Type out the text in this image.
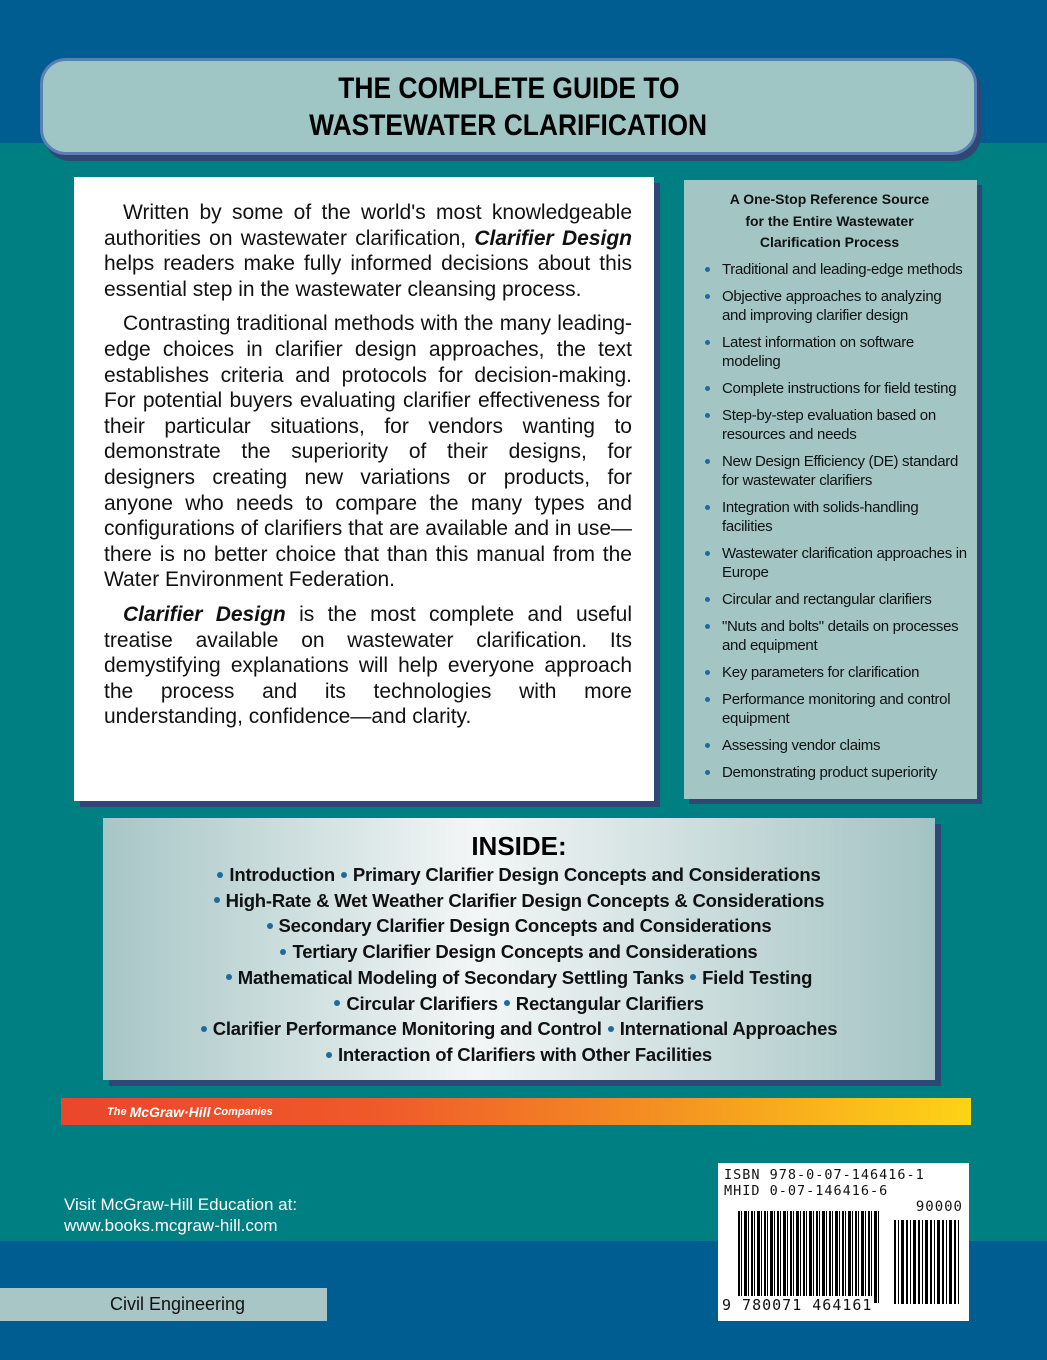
THE COMPLETE GUIDE TO
WASTEWATER CLARIFICATION

Written by some of the world's most knowledgeable authorities on wastewater clarification, Clarifier Design helps readers make fully informed decisions about this essential step in the wastewater cleansing process.

Contrasting traditional methods with the many leading-edge choices in clarifier design approaches, the text establishes criteria and protocols for decision-making. For potential buyers evaluating clarifier effectiveness for their particular situations, for vendors wanting to demonstrate the superiority of their designs, for designers creating new variations or products, for anyone who needs to compare the many types and configurations of clarifiers that are available and in use—there is no better choice that than this manual from the Water Environment Federation.

Clarifier Design is the most complete and useful treatise available on wastewater clarification. Its demystifying explanations will help everyone approach the process and its technologies with more understanding, confidence—and clarity.

A One-Stop Reference Source
for the Entire Wastewater
Clarification Process
Traditional and leading-edge methods
Objective approaches to analyzing and improving clarifier design
Latest information on software modeling
Complete instructions for field testing
Step-by-step evaluation based on resources and needs
New Design Efficiency (DE) standard for wastewater clarifiers
Integration with solids-handling facilities
Wastewater clarification approaches in Europe
Circular and rectangular clarifiers
"Nuts and bolts" details on processes and equipment
Key parameters for clarification
Performance monitoring and control equipment
Assessing vendor claims
Demonstrating product superiority
INSIDE:
Introduction Primary Clarifier Design Concepts and Considerations
High-Rate & Wet Weather Clarifier Design Concepts & Considerations
Secondary Clarifier Design Concepts and Considerations
Tertiary Clarifier Design Concepts and Considerations
Mathematical Modeling of Secondary Settling Tanks Field Testing
Circular Clarifiers Rectangular Clarifiers
Clarifier Performance Monitoring and Control International Approaches
Interaction of Clarifiers with Other Facilities
The McGraw·Hill Companies
Visit McGraw-Hill Education at:
www.books.mcgraw-hill.com
Civil Engineering
ISBN 978-0-07-146416-1
MHID 0-07-146416-6
90000
9 780071 464161
